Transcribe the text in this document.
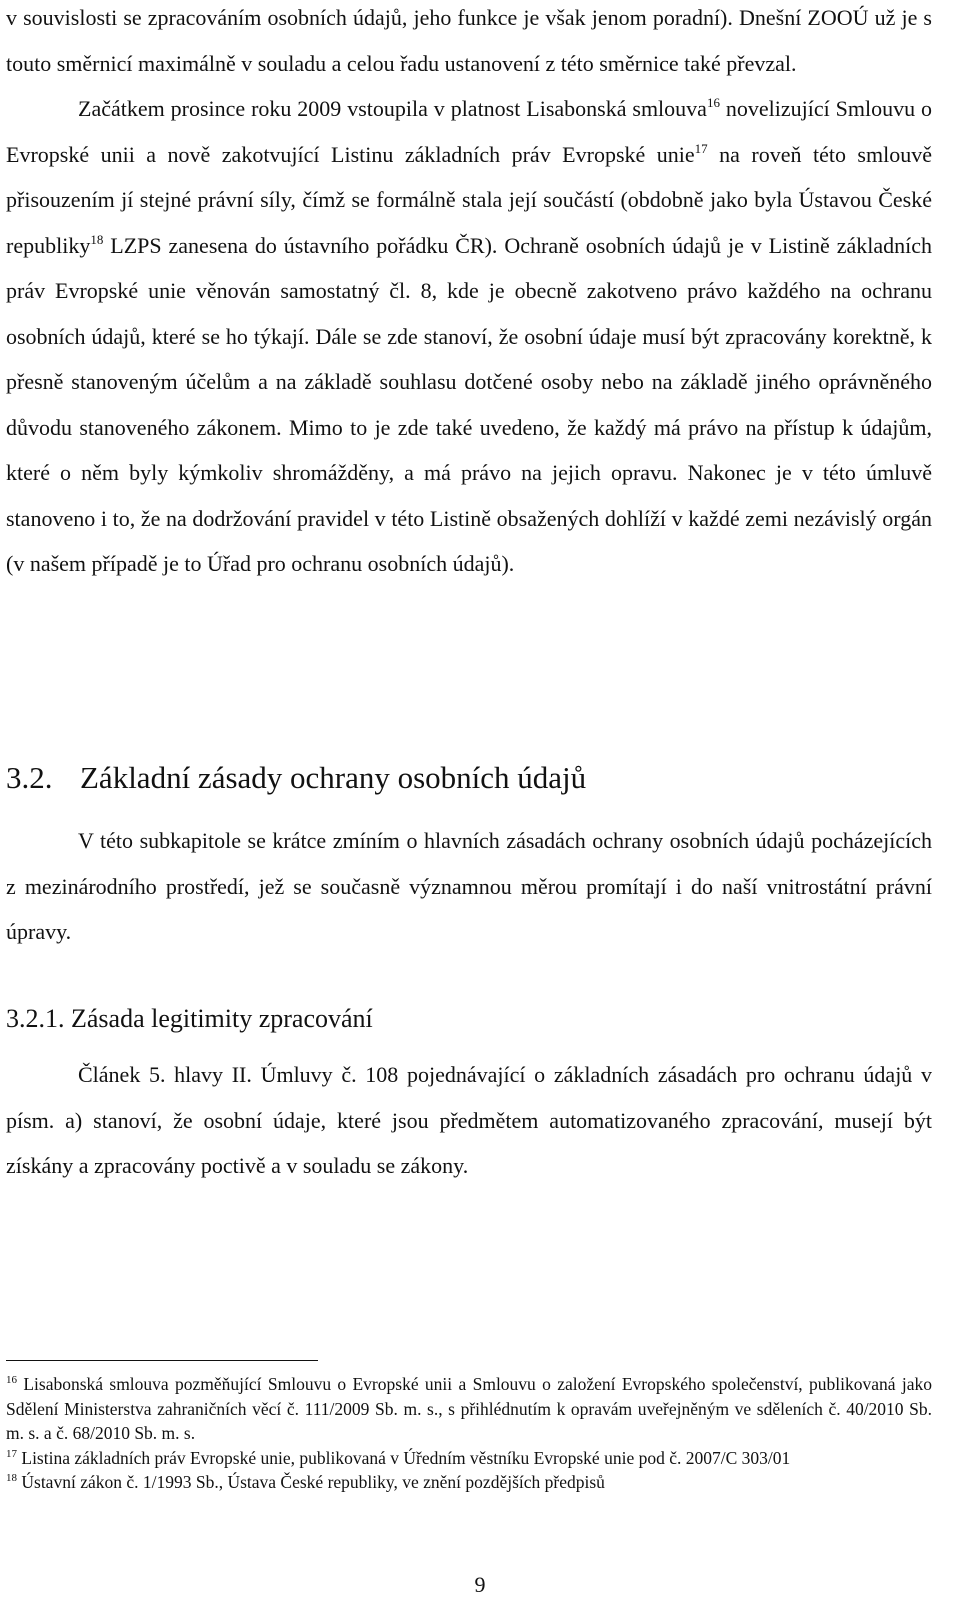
v souvislosti se zpracováním osobních údajů, jeho funkce je však jenom poradní). Dnešní ZOOÚ už je s touto směrnicí maximálně v souladu a celou řadu ustanovení z této směrnice také převzal.

Začátkem prosince roku 2009 vstoupila v platnost Lisabonská smlouva$^{16}$ novelizující Smlouvu o Evropské unii a nově zakotvující Listinu základních práv Evropské unie$^{17}$ na roveň této smlouvě přisouzením jí stejné právní síly, čímž se formálně stala její součástí (obdobně jako byla Ústavou České republiky$^{18}$ LZPS zanesena do ústavního pořádku ČR). Ochraně osobních údajů je v Listině základních práv Evropské unie věnován samostatný čl. 8, kde je obecně zakotveno právo každého na ochranu osobních údajů, které se ho týkají. Dále se zde stanoví, že osobní údaje musí být zpracovány korektně, k přesně stanoveným účelům a na základě souhlasu dotčené osoby nebo na základě jiného oprávněného důvodu stanoveného zákonem. Mimo to je zde také uvedeno, že každý má právo na přístup k údajům, které o něm byly kýmkoliv shromážděny, a má právo na jejich opravu. Nakonec je v této úmluvě stanoveno i to, že na dodržování pravidel v této Listině obsažených dohlíží v každé zemi nezávislý orgán (v našem případě je to Úřad pro ochranu osobních údajů).

3.2. Základní zásady ochrany osobních údajů

V této subkapitole se krátce zmíním o hlavních zásadách ochrany osobních údajů pocházejících z mezinárodního prostředí, jež se současně významnou měrou promítají i do naší vnitrostátní právní úpravy.

3.2.1. Zásada legitimity zpracování

Článek 5. hlavy II. Úmluvy č. 108 pojednávající o základních zásadách pro ochranu údajů v písm. a) stanoví, že osobní údaje, které jsou předmětem automatizovaného zpracování, musejí být získány a zpracovány poctivě a v souladu se zákony.

$^{16}$ Lisabonská smlouva pozměňující Smlouvu o Evropské unii a Smlouvu o založení Evropského společenství, publikovaná jako Sdělení Ministerstva zahraničních věcí č. 111/2009 Sb. m. s., s přihlédnutím k opravám uveřejněným ve sděleních č. 40/2010 Sb. m. s. a č. 68/2010 Sb. m. s.

$^{17}$ Listina základních práv Evropské unie, publikovaná v Úředním věstníku Evropské unie pod č. 2007/C 303/01

$^{18}$ Ústavní zákon č. 1/1993 Sb., Ústava České republiky, ve znění pozdějších předpisů

9
